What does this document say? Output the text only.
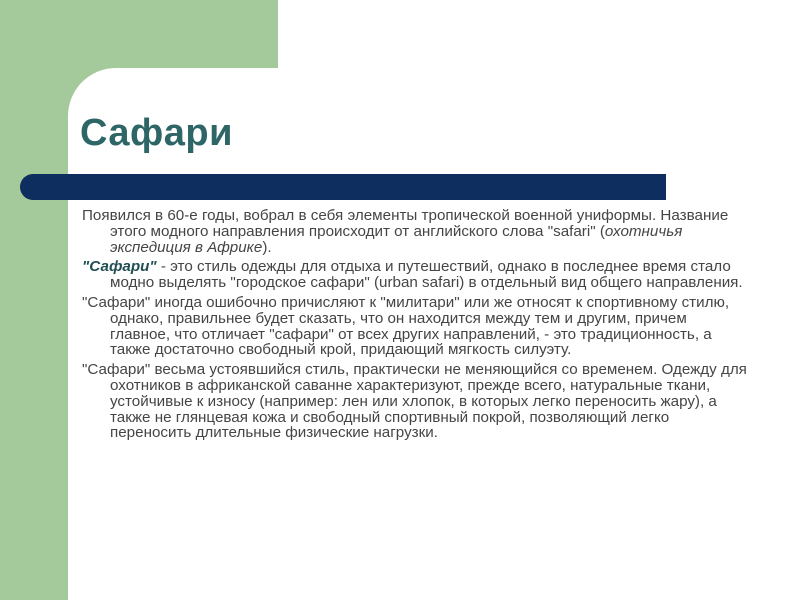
Сафари

Появился в 60-е годы, вобрал в себя элементы тропической военной униформы. Название этого модного направления происходит от английского слова "safari" (охотничья экспедиция в Африке).

"Сафари" - это стиль одежды для отдыха и путешествий, однако в последнее время стало модно выделять "городское сафари" (urban safari) в отдельный вид общего направления.

"Сафари" иногда ошибочно причисляют к "милитари" или же относят к спортивному стилю, однако, правильнее будет сказать, что он находится между тем и другим, причем главное, что отличает "сафари" от всех других направлений, - это традиционность, а также достаточно свободный крой, придающий мягкость силуэту.

"Сафари" весьма устоявшийся стиль, практически не меняющийся со временем. Одежду для охотников в африканской саванне характеризуют, прежде всего, натуральные ткани, устойчивые к износу (например: лен или хлопок, в которых легко переносить жару), а также не глянцевая кожа и свободный спортивный покрой, позволяющий легко переносить длительные физические нагрузки.
